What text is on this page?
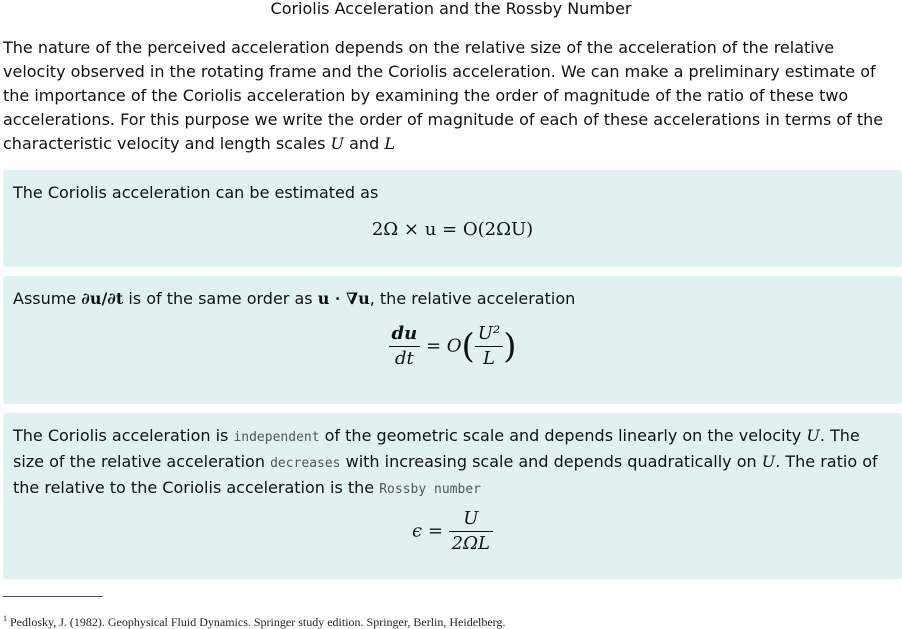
Coriolis Acceleration and the Rossby Number
The nature of the perceived acceleration depends on the relative size of the acceleration of the relative velocity observed in the rotating frame and the Coriolis acceleration. We can make a preliminary estimate of the importance of the Coriolis acceleration by examining the order of magnitude of the ratio of these two accelerations. For this purpose we write the order of magnitude of each of these accelerations in terms of the characteristic velocity and length scales U and L
The Coriolis acceleration can be estimated as
2Ω × u = O(2ΩU)
Assume ∂u/∂t is of the same order as u · ∇u, the relative acceleration
$\frac{du}{dt} = O( \frac{\text{U²}}{L}$ )
The Coriolis acceleration is independent of the geometric scale and depends linearly on the velocity U. The size of the relative acceleration decreases with increasing scale and depends quadratically on U. The ratio of the relative to the Coriolis acceleration is the Rossby number
$\epsilon = \frac{U}{2\Omega L}$
$^1$ Pedlosky, J. (1982). Geophysical Fluid Dynamics. Springer study edition. Springer, Berlin, Heidelberg.
